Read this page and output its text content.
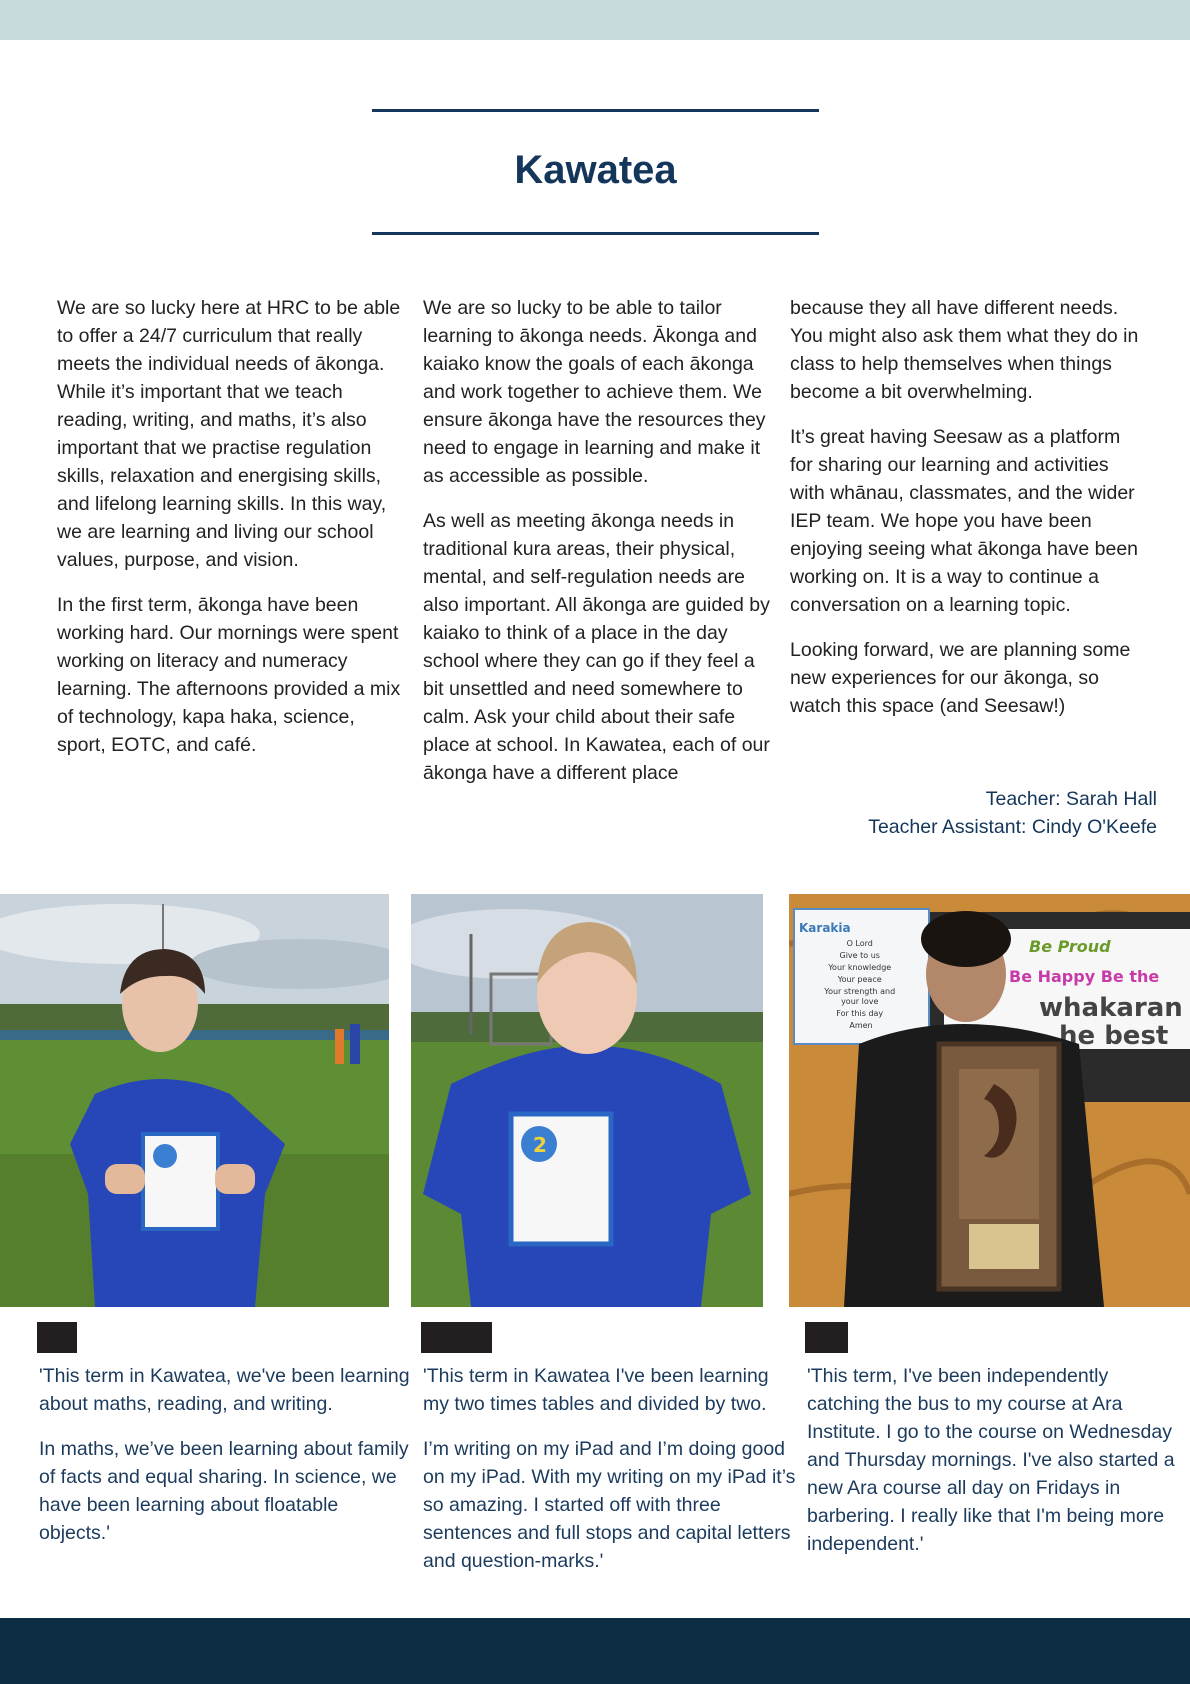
Kawatea

We are so lucky here at HRC to be able to offer a 24/7 curriculum that really meets the individual needs of ākonga. While it’s important that we teach reading, writing, and maths, it’s also important that we practise regulation skills, relaxation and energising skills, and lifelong learning skills. In this way, we are learning and living our school values, purpose, and vision.

In the first term, ākonga have been working hard. Our mornings were spent working on literacy and numeracy learning. The afternoons provided a mix of technology, kapa haka, science, sport, EOTC, and café.

We are so lucky to be able to tailor learning to ākonga needs. Ākonga and kaiako know the goals of each ākonga and work together to achieve them. We ensure ākonga have the resources they need to engage in learning and make it as accessible as possible.

As well as meeting ākonga needs in traditional kura areas, their physical, mental, and self-regulation needs are also important. All ākonga are guided by kaiako to think of a place in the day school where they can go if they feel a bit unsettled and need somewhere to calm. Ask your child about their safe place at school. In Kawatea, each of our ākonga have a different place

because they all have different needs. You might also ask them what they do in class to help themselves when things become a bit overwhelming.

It’s great having Seesaw as a platform for sharing our learning and activities with whānau, classmates, and the wider IEP team. We hope you have been enjoying seeing what ākonga have been working on. It is a way to continue a conversation on a learning topic.

Looking forward, we are planning some new experiences for our ākonga, so watch this space (and Seesaw!)

Teacher: Sarah Hall
Teacher Assistant: Cindy O'Keefe
2
Karakia
O Lord Give to us Your knowledge Your peace Your strength and your love For this day Amen
Be Proud
Be Happy Be the
whakaran
he best

'This term in Kawatea, we've been learning about maths, reading, and writing.

In maths, we’ve been learning about family of facts and equal sharing. In science, we have been learning about floatable objects.'

'This term in Kawatea I've been learning my two times tables and divided by two.

I’m writing on my iPad and I’m doing good on my iPad. With my writing on my iPad it’s so amazing. I started off with three sentences and full stops and capital letters and question-marks.'

'This term, I've been independently catching the bus to my course at Ara Institute. I go to the course on Wednesday and Thursday mornings. I've also started a new Ara course all day on Fridays in barbering. I really like that I'm being more independent.'
